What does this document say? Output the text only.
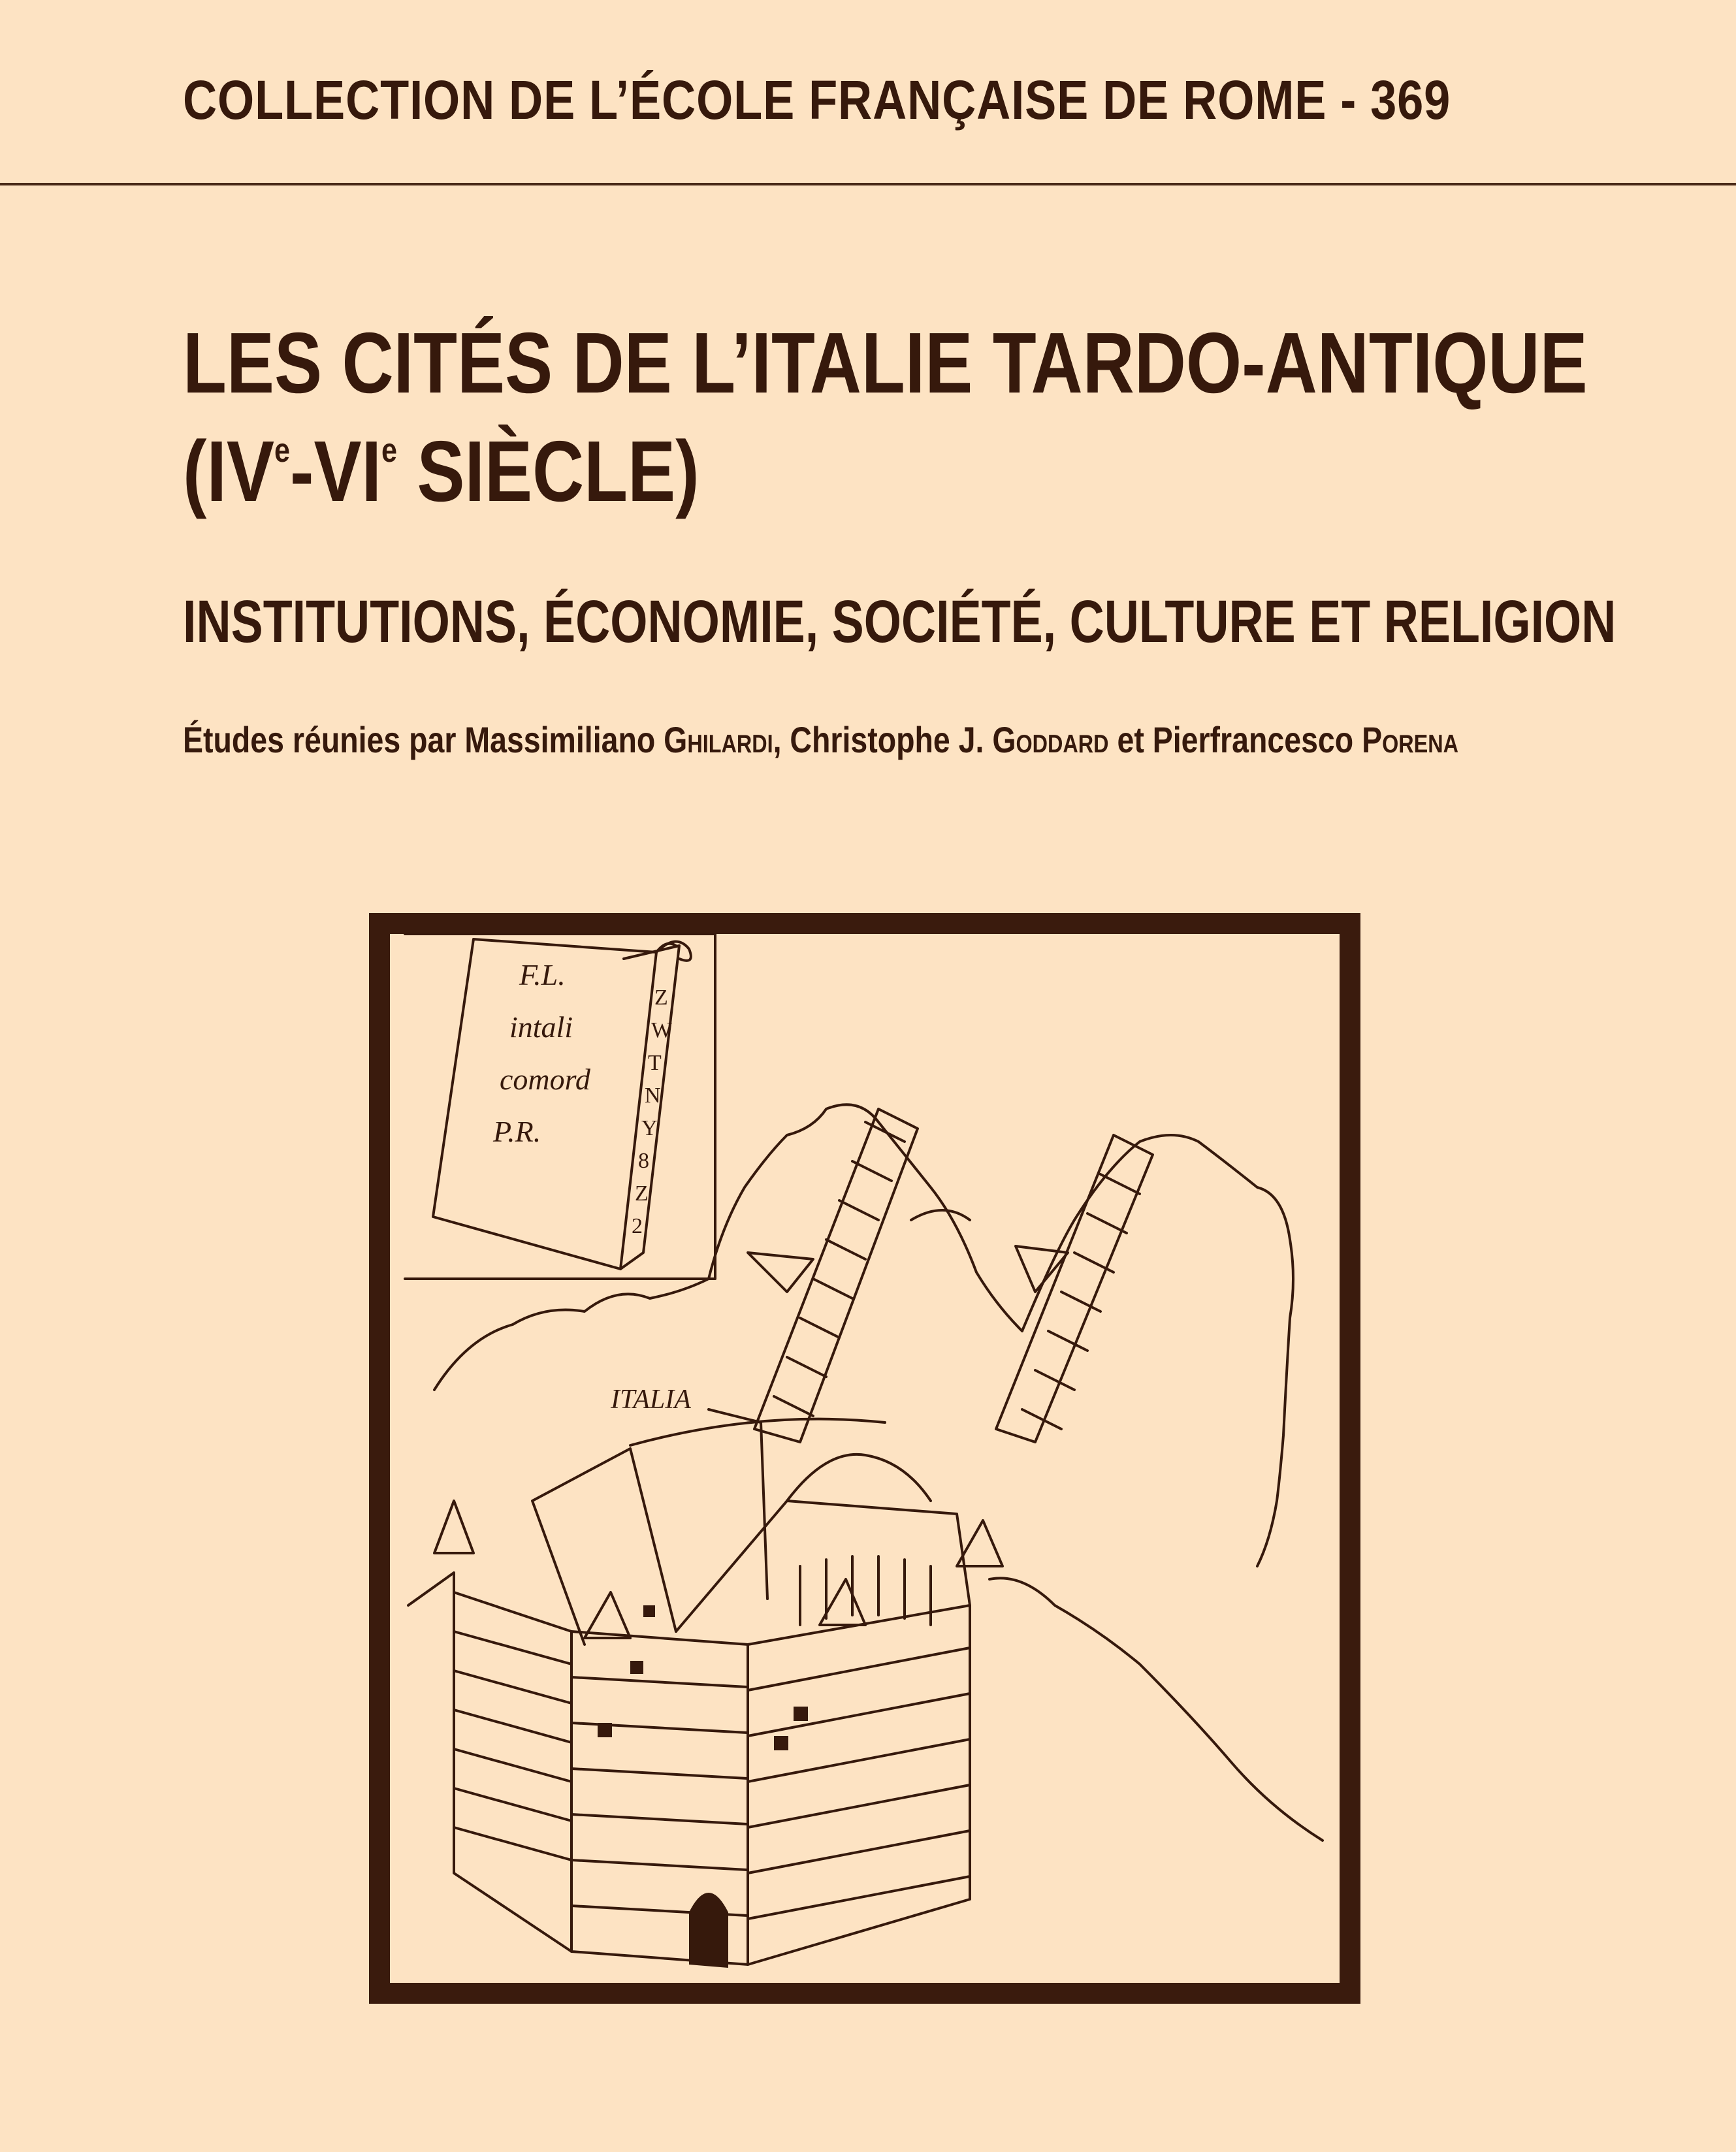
COLLECTION DE L’ÉCOLE FRANÇAISE DE ROME - 369
LES CITÉS DE L’ITALIE TARDO-ANTIQUE
(IVe-VIe SIÈCLE)
INSTITUTIONS, ÉCONOMIE, SOCIÉTÉ, CULTURE ET RELIGION
Études réunies par Massimiliano Ghilardi, Christophe J. Goddard et Pierfrancesco Porena
F.L.
intali
comord
P.R.
Z
W
T
N
Y
8
Z
2
ITALIA
